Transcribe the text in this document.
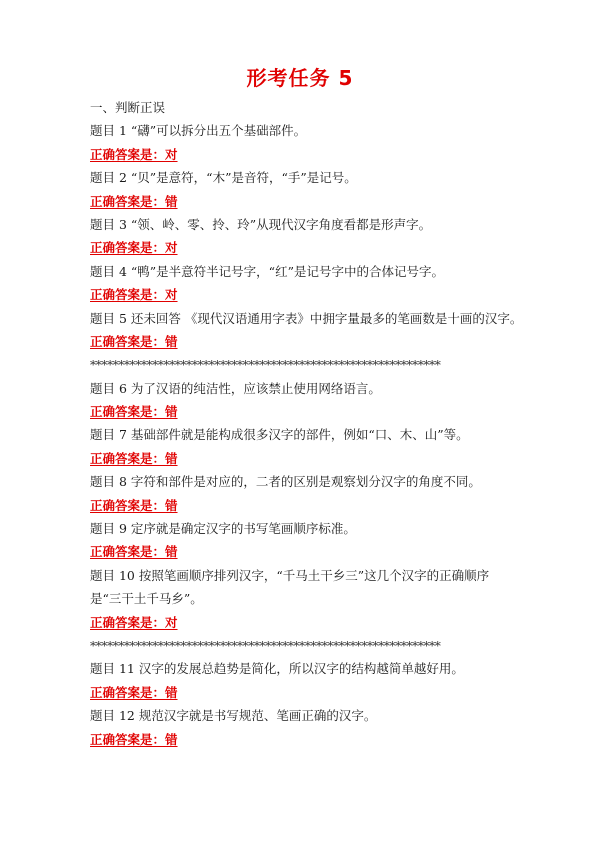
形考任务 5
一、判断正误
题目 1 “礴”可以拆分出五个基础部件。
正确答案是：对
题目 2 “贝”是意符，“木”是音符，“手”是记号。
正确答案是：错
题目 3 “领、岭、零、拎、玲”从现代汉字角度看都是形声字。
正确答案是：对
题目 4 “鸭”是半意符半记号字，“红”是记号字中的合体记号字。
正确答案是：对
题目 5 还未回答 《现代汉语通用字表》中拥字量最多的笔画数是十画的汉字。
正确答案是：错
**************************************************************
题目 6 为了汉语的纯洁性，应该禁止使用网络语言。
正确答案是：错
题目 7 基础部件就是能构成很多汉字的部件，例如“口、木、山”等。
正确答案是：错
题目 8 字符和部件是对应的，二者的区别是观察划分汉字的角度不同。
正确答案是：错
题目 9 定序就是确定汉字的书写笔画顺序标准。
正确答案是：错
题目 10 按照笔画顺序排列汉字，“千马土干乡三”这几个汉字的正确顺序是“三干土千马乡”。
正确答案是：对
**************************************************************
题目 11 汉字的发展总趋势是简化，所以汉字的结构越简单越好用。
正确答案是：错
题目 12 规范汉字就是书写规范、笔画正确的汉字。
正确答案是：错
